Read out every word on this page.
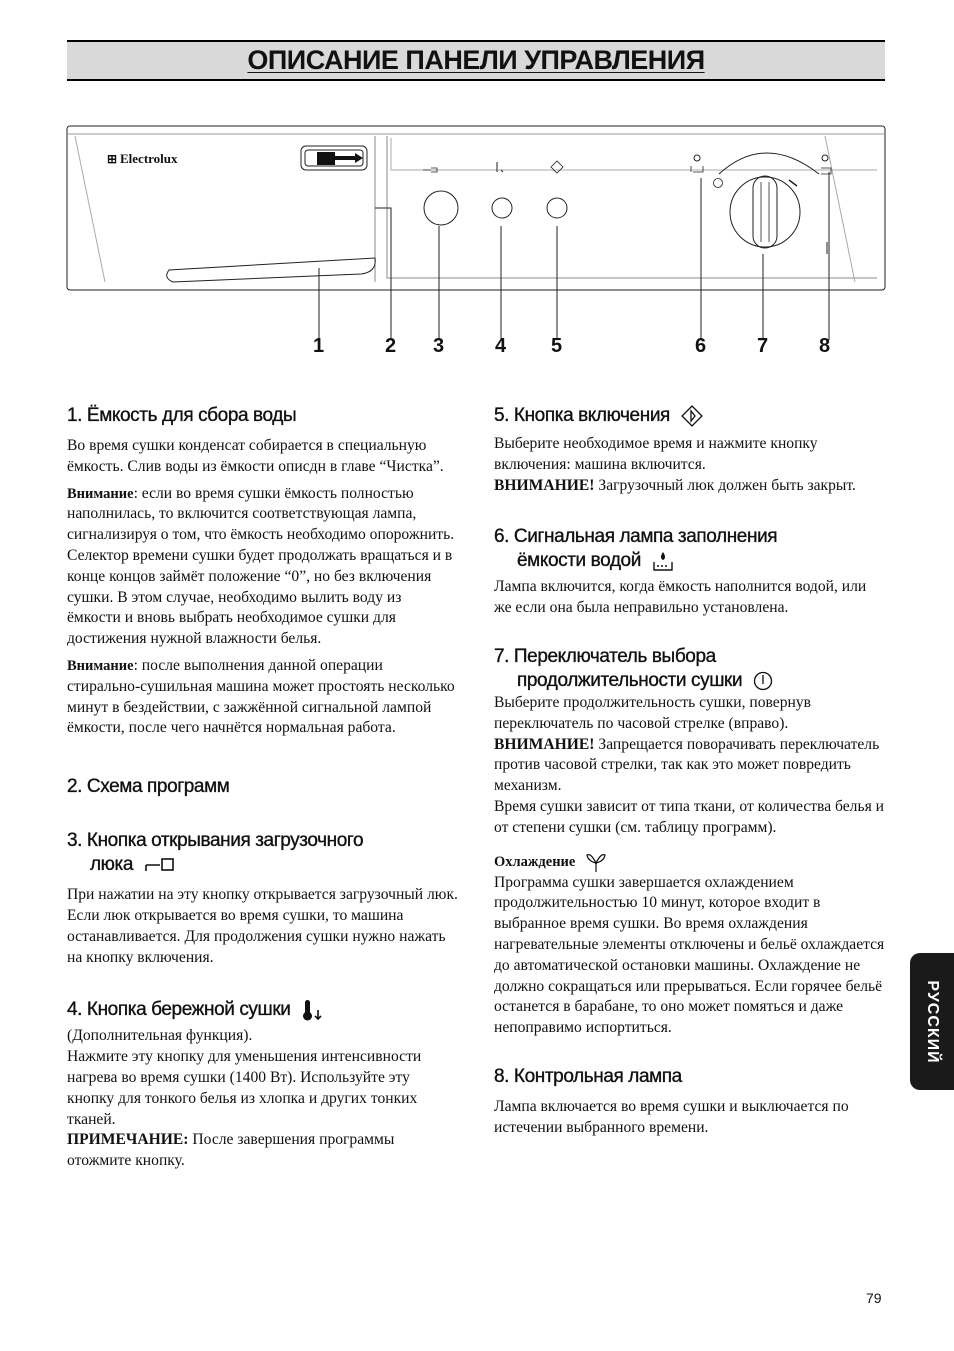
ОПИСАНИЕ ПАНЕЛИ УПРАВЛЕНИЯ
⊞ Electrolux
1	2 3	4 5	6	7	8
1. Ёмкость для сбора воды

Во время сушки конденсат собирается в специальную ёмкость. Слив воды из ёмкости описдн в главе “Чистка”.

Внимание: если во время сушки ёмкость полностью наполнилась, то включится соответствующая лампа, сигнализируя о том, что ёмкость необходимо опорожнить. Селектор времени сушки будет продолжать вращаться и в конце концов займёт положение “0”, но без включения сушки. В этом случае, необходимо вылить воду из ёмкости и вновь выбрать необходимое сушки для достижения нужной влажности белья.

Внимание: после выполнения данной операции стирально-сушильная машина может простоять несколько минут в бездействии, с зажжённой сигнальной лампой ёмкости, после чего начнётся нормальная работа.

2. Схема программ
3. Кнопка открывания загрузочного
люка

При нажатии на эту кнопку открывается загрузочный люк. Если люк открывается во время сушки, то машина останавливается. Для продолжения сушки нужно нажать на кнопку включения.

4. Кнопка бережной сушки

(Дополнительная функция).

Нажмите эту кнопку для уменьшения интенсивности нагрева во время сушки (1400 Вт). Используйте эту кнопку для тонкого белья из хлопка и других тонких тканей.

ПРИМЕЧАНИЕ: После завершения программы отожмите кнопку.

5. Кнопка включения

Выберите необходимое время и нажмите кнопку включения: машина включится.

ВНИМАНИЕ! Загрузочный люк должен быть закрыт.

6. Сигнальная лампа заполнения
ёмкости водой

Лампа включится, когда ёмкость наполнится водой, или же если она была неправильно установлена.

7. Переключатель выбора
продолжительности сушки

Выберите продолжительность сушки, повернув переключатель по часовой стрелке (вправо).

ВНИМАНИЕ! Запрещается поворачивать переключатель против часовой стрелки, так как это может повредить механизм.

Время сушки зависит от типа ткани, от количества белья и от степени сушки (см. таблицу программ).

Охлаждение

Программа сушки завершается охлаждением продолжительностью 10 минут, которое входит в выбранное время сушки. Во время охлаждения нагревательные элементы отключены и бельё охлаждается до автоматической остановки машины. Охлаждение не должно сокращаться или прерываться. Если горячее бельё останется в барабане, то оно может помяться и даже непоправимо испортиться.

8. Контрольная лампа

Лампа включается во время сушки и выключается по истечении выбранного времени.

РУССКИЙ
79
